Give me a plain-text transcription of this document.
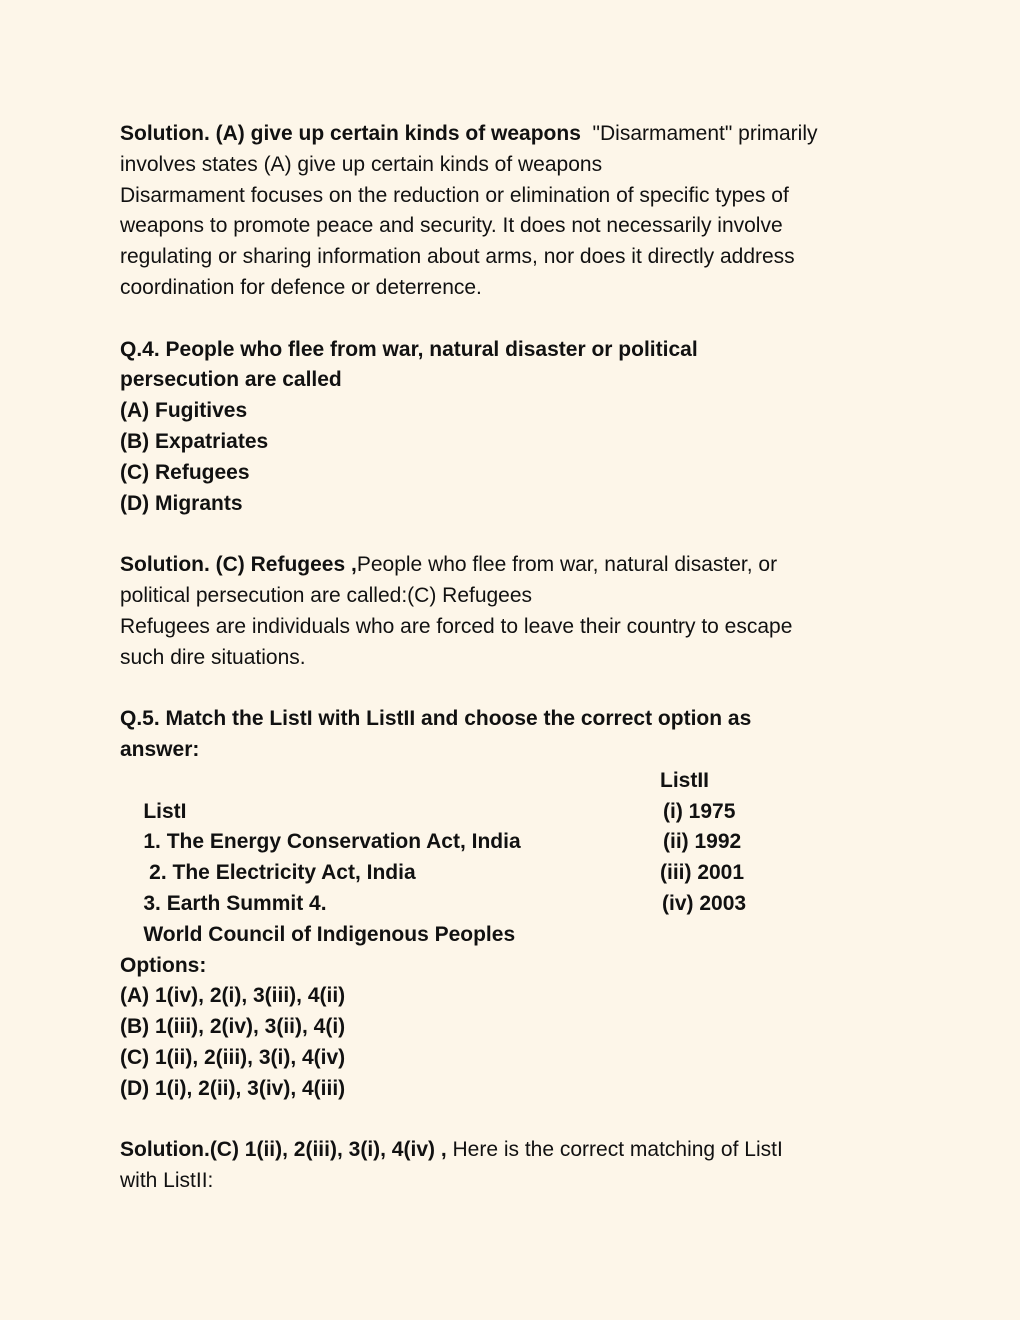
Solution. (A) give up certain kinds of weapons  "Disarmament" primarily
involves states (A) give up certain kinds of weapons
Disarmament focuses on the reduction or elimination of specific types of
weapons to promote peace and security. It does not necessarily involve
regulating or sharing information about arms, nor does it directly address
coordination for defence or deterrence.
Q.4. People who flee from war, natural disaster or political
persecution are called
(A) Fugitives
(B) Expatriates
(C) Refugees
(D) Migrants
Solution. (C) Refugees ,People who flee from war, natural disaster, or
political persecution are called:(C) Refugees
Refugees are individuals who are forced to leave their country to escape
such dire situations.
Q.5. Match the ListI with ListII and choose the correct option as
answer:

ListI

ListII

1. The Energy Conservation Act, India

(i) 1975

2. The Electricity Act, India

(ii) 1992

3. Earth Summit 4.

(iii) 2001

World Council of Indigenous Peoples

(iv) 2003

Options:
(A) 1(iv), 2(i), 3(iii), 4(ii)
(B) 1(iii), 2(iv), 3(ii), 4(i)
(C) 1(ii), 2(iii), 3(i), 4(iv)
(D) 1(i), 2(ii), 3(iv), 4(iii)
Solution.(C) 1(ii), 2(iii), 3(i), 4(iv) , Here is the correct matching of ListI
with ListII:
